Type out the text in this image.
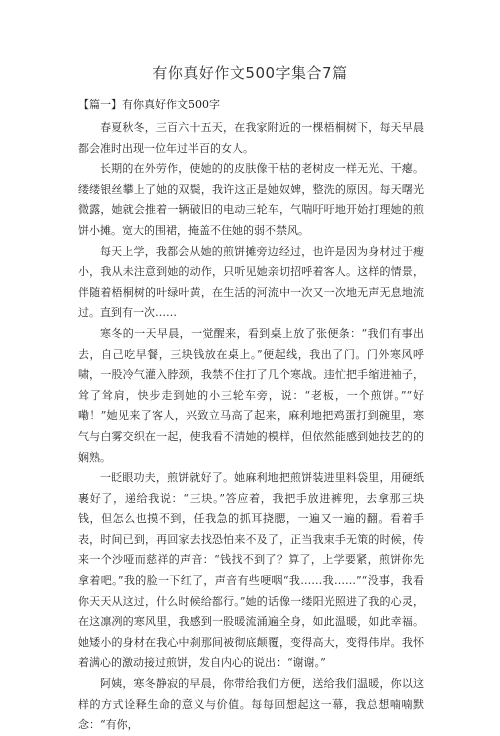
有你真好作文500字集合7篇
【篇一】有你真好作文500字

春夏秋冬，三百六十五天，在我家附近的一棵梧桐树下，每天早晨都会准时出现一位年过半百的女人。

长期的在外劳作，使她的的皮肤像干枯的老树皮一样无光、干瘪。缕缕银丝攀上了她的双鬓，我许这正是她奴婢，整洗的原因。每天曙光微露，她就会推着一辆破旧的电动三轮车，气喘吁吁地开始打理她的煎饼小摊。宽大的围裙，掩盖不住她的弱不禁风。

每天上学，我都会从她的煎饼摊旁边经过，也许是因为身材过于瘦小，我从未注意到她的动作，只听见她亲切招呼着客人。这样的情景，伴随着梧桐树的叶绿叶黄，在生活的河流中一次又一次地无声无息地流过。直到有一次……

寒冬的一天早晨，一觉醒来，看到桌上放了张便条：“我们有事出去，自己吃早餐，三块钱放在桌上。”便起线，我出了门。门外寒风呼啸，一股冷气灌入脖颈，我禁不住打了几个寒战。违忙把手缩进袖子，耸了耸肩，快步走到她的小三轮车旁，说：“老板，一个煎饼。”“好嘞！”她见来了客人，兴致立马高了起来，麻利地把鸡蛋打到碗里，寒气与白雾交织在一起，使我看不清她的模样，但依然能感到她技艺的的娴熟。

一眨眼功夫，煎饼就好了。她麻利地把煎饼装进里料袋里，用硬纸裹好了，递给我说：“三块。”答应着，我把手放进裤兜，去拿那三块钱，但怎么也摸不到，任我急的抓耳挠腮，一遍又一遍的翻。看着手表，时间已到，再回家去找恐怕来不及了，正当我束手无策的时候，传来一个沙哑而慈祥的声音：“钱找不到了？算了，上学要紧，煎饼你先拿着吧。”我的脸一下红了，声音有些哽咽“我……我……”“没事，我看你天天从这过，什么时候给都行。”她的话像一缕阳光照进了我的心灵，在这凛冽的寒风里，我感到一股暖流涌遍全身，如此温暖，如此幸福。她矮小的身材在我心中刹那间被彻底颠覆，变得高大，变得伟岸。我怀着满心的激动接过煎饼，发自内心的说出：“谢谢。”

阿姨，寒冬静寂的早晨，你带给我们方便，送给我们温暖，你以这样的方式诠释生命的意义与价值。每每回想起这一幕，我总想喃喃默念：“有你，
